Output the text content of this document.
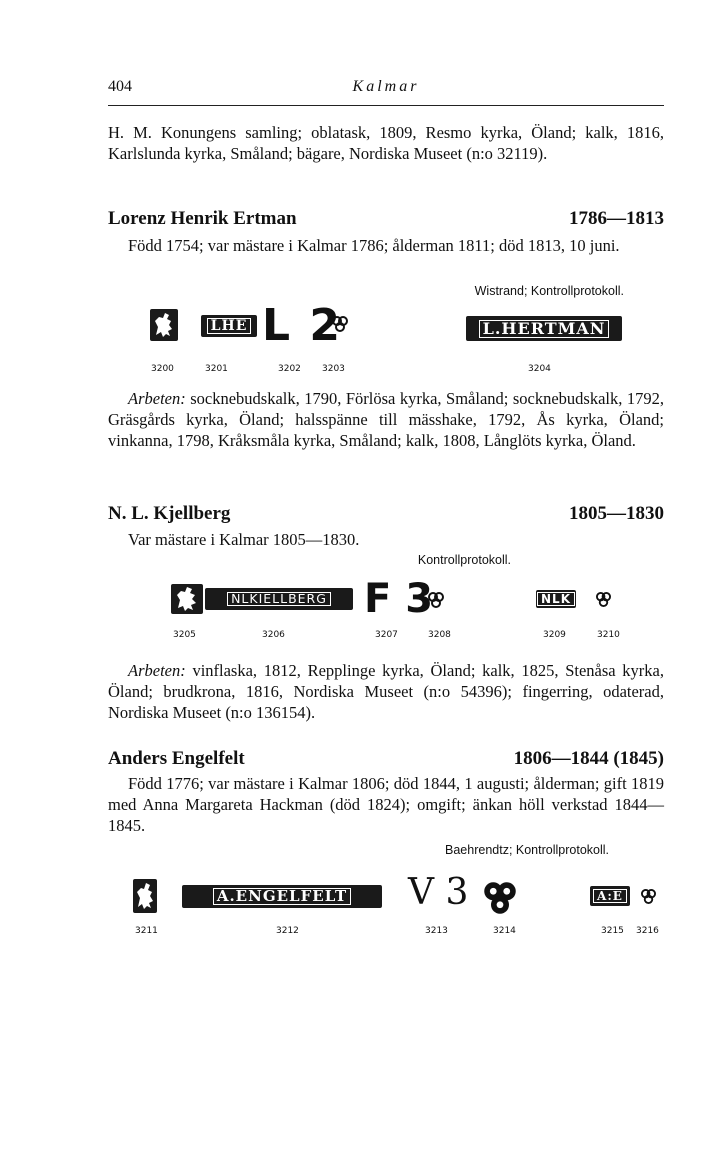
404	Kalmar
H. M. Konungens samling; oblatask, 1809, Resmo kyrka, Öland; kalk, 1816, Karlslunda kyrka, Småland; bägare, Nordiska Museet (n:o 32119).
Lorenz Henrik Ertman	1786—1813
Född 1754; var mästare i Kalmar 1786; ålderman 1811; död 1813, 10 juni.
Wistrand; Kontrollprotokoll.
LHE L 2	L.HERTMAN
3200	3201	3202 3203	3204
Arbeten: socknebudskalk, 1790, Förlösa kyrka, Småland; socknebudskalk, 1792, Gräsgårds kyrka, Öland; halsspänne till mässhake, 1792, Ås kyrka, Öland; vinkanna, 1798, Kråksmåla kyrka, Småland; kalk, 1808, Långlöts kyrka, Öland.
N. L. Kjellberg	1805—1830
Var mästare i Kalmar 1805—1830.
Kontrollprotokoll.
NLKIELLBERG F 3	NLK
3205	3206	3207	3208	3209	3210
Arbeten: vinflaska, 1812, Repplinge kyrka, Öland; kalk, 1825, Stenåsa kyrka, Öland; brudkrona, 1816, Nordiska Museet (n:o 54396); fingerring, odaterad, Nordiska Museet (n:o 136154).
Anders Engelfelt	1806—1844 (1845)
Född 1776; var mästare i Kalmar 1806; död 1844, 1 augusti; ålderman; gift 1819 med Anna Margareta Hackman (död 1824); omgift; änkan höll verkstad 1844—1845.
Baehrendtz; Kontrollprotokoll.
A.ENGELFELT V 3	A:E
3211	3212	3213	3214	3215 3216
